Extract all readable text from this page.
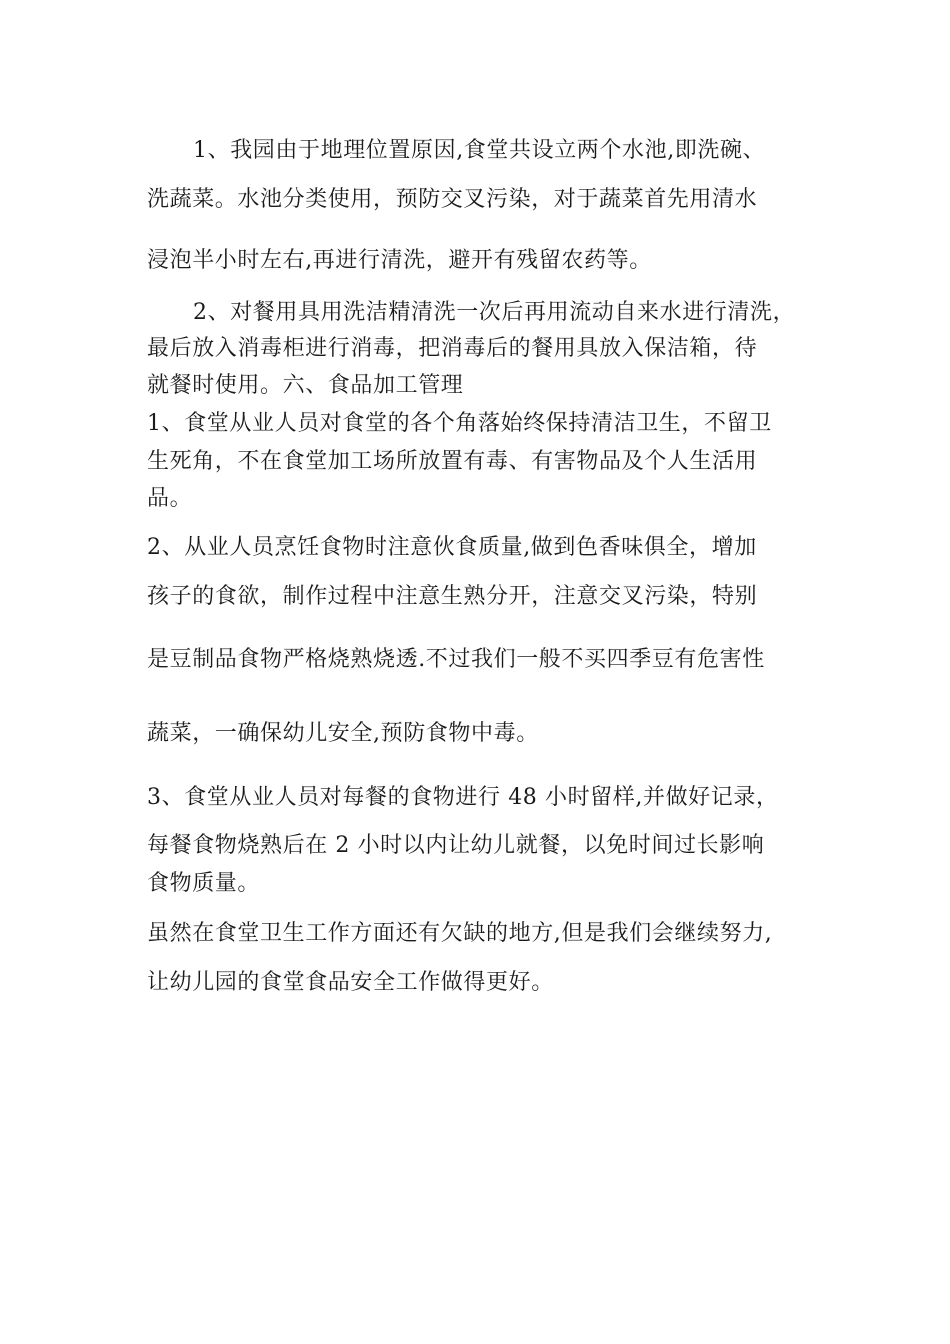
1、我园由于地理位置原因,食堂共设立两个水池,即洗碗、
洗蔬菜。水池分类使用，预防交叉污染，对于蔬菜首先用清水
浸泡半小时左右,再进行清洗，避开有残留农药等。
2、对餐用具用洗洁精清洗一次后再用流动自来水进行清洗，
最后放入消毒柜进行消毒，把消毒后的餐用具放入保洁箱，待
就餐时使用。六、食品加工管理
1、食堂从业人员对食堂的各个角落始终保持清洁卫生，不留卫
生死角，不在食堂加工场所放置有毒、有害物品及个人生活用
品。
2、从业人员烹饪食物时注意伙食质量,做到色香味俱全，增加
孩子的食欲，制作过程中注意生熟分开，注意交叉污染，特别
是豆制品食物严格烧熟烧透.不过我们一般不买四季豆有危害性
蔬菜，一确保幼儿安全,预防食物中毒。
3、食堂从业人员对每餐的食物进行 48 小时留样,并做好记录，
每餐食物烧熟后在 2 小时以内让幼儿就餐，以免时间过长影响
食物质量。
虽然在食堂卫生工作方面还有欠缺的地方,但是我们会继续努力,
让幼儿园的食堂食品安全工作做得更好。
